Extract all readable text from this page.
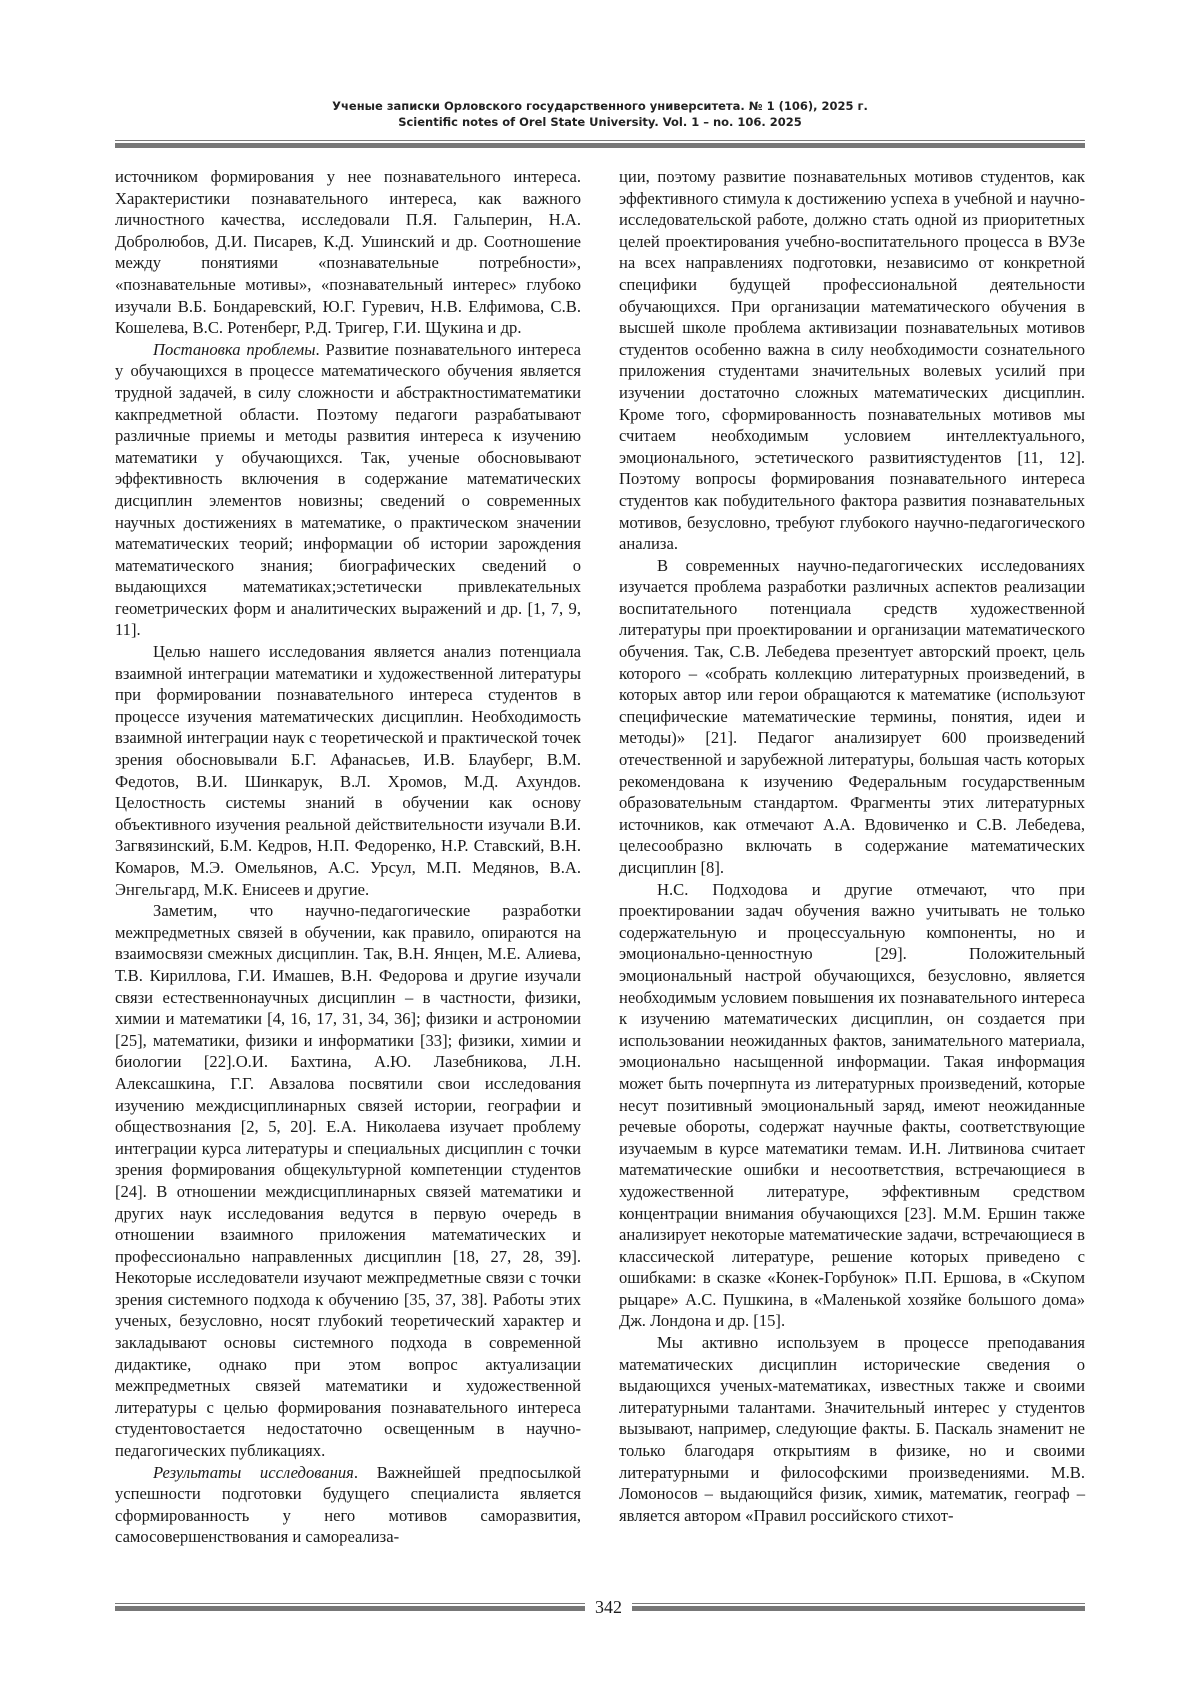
Ученые записки Орловского государственного университета. № 1 (106), 2025 г.
Scientific notes of Orel State University. Vol. 1 – no. 106. 2025

источником формирования у нее познавательного интереса. Характеристики познавательного интереса, как важного личностного качества, исследовали П.Я. Гальперин, Н.А. Добролюбов, Д.И. Писарев, К.Д. Ушинский и др. Соотношение между понятиями «познавательные потребности», «познавательные мотивы», «познавательный интерес» глубоко изучали В.Б. Бондаревский, Ю.Г. Гуревич, Н.В. Елфимова, С.В. Кошелева, В.С. Ротенберг, Р.Д. Тригер, Г.И. Щукина и др.

Постановка проблемы. Развитие познавательного интереса у обучающихся в процессе математического обучения является трудной задачей, в силу сложности и абстрактностиматематики какпредметной области. Поэтому педагоги разрабатывают различные приемы и методы развития интереса к изучению математики у обучающихся. Так, ученые обосновывают эффективность включения в содержание математических дисциплин элементов новизны; сведений о современных научных достижениях в математике, о практическом значении математических теорий; информации об истории зарождения математического знания; биографических сведений о выдающихся математиках;эстетически привлекательных геометрических форм и аналитических выражений и др. [1, 7, 9, 11].

Целью нашего исследования является анализ потенциала взаимной интеграции математики и художественной литературы при формировании познавательного интереса студентов в процессе изучения математических дисциплин. Необходимость взаимной интеграции наук с теоретической и практической точек зрения обосновывали Б.Г. Афанасьев, И.В. Блауберг, В.М. Федотов, В.И. Шинкарук, В.Л. Хромов, М.Д. Ахундов. Целостность системы знаний в обучении как основу объективного изучения реальной действительности изучали В.И. Загвязинский, Б.М. Кедров, Н.П. Федоренко, Н.Р. Ставский, В.Н. Комаров, М.Э. Омельянов, А.С. Урсул, М.П. Медянов, В.А. Энгельгард, М.К. Енисеев и другие.

Заметим, что научно-педагогические разработки межпредметных связей в обучении, как правило, опираются на взаимосвязи смежных дисциплин. Так, В.Н. Янцен, М.Е. Алиева, Т.В. Кириллова, Г.И. Имашев, В.Н. Федорова и другие изучали связи естественнонаучных дисциплин – в частности, физики, химии и математики [4, 16, 17, 31, 34, 36]; физики и астрономии [25], математики, физики и информатики [33]; физики, химии и биологии [22].О.И. Бахтина, А.Ю. Лазебникова, Л.Н. Алексашкина, Г.Г. Авзалова посвятили свои исследования изучению междисциплинарных связей истории, географии и обществознания [2, 5, 20]. Е.А. Николаева изучает проблему интеграции курса литературы и специальных дисциплин с точки зрения формирования общекультурной компетенции студентов [24]. В отношении междисциплинарных связей математики и других наук исследования ведутся в первую очередь в отношении взаимного приложения математических и профессионально направленных дисциплин [18, 27, 28, 39]. Некоторые исследователи изучают межпредметные связи с точки зрения системного подхода к обучению [35, 37, 38]. Работы этих ученых, безусловно, носят глубокий теоретический характер и закладывают основы системного подхода в современной дидактике, однако при этом вопрос актуализации межпредметных связей математики и художественной литературы с целью формирования познавательного интереса студентовостается недостаточно освещенным в научно-педагогических публикациях.

Результаты исследования. Важнейшей предпосылкой успешности подготовки будущего специалиста является сформированность у него мотивов саморазвития, самосовершенствования и самореализа-

ции, поэтому развитие познавательных мотивов студентов, как эффективного стимула к достижению успеха в учебной и научно-исследовательской работе, должно стать одной из приоритетных целей проектирования учебно-воспитательного процесса в ВУЗе на всех направлениях подготовки, независимо от конкретной специфики будущей профессиональной деятельности обучающихся. При организации математического обучения в высшей школе проблема активизации познавательных мотивов студентов особенно важна в силу необходимости сознательного приложения студентами значительных волевых усилий при изучении достаточно сложных математических дисциплин. Кроме того, сформированность познавательных мотивов мы считаем необходимым условием интеллектуального, эмоционального, эстетического развитиястудентов [11, 12]. Поэтому вопросы формирования познавательного интереса студентов как побудительного фактора развития познавательных мотивов, безусловно, требуют глубокого научно-педагогического анализа.

В современных научно-педагогических исследованиях изучается проблема разработки различных аспектов реализации воспитательного потенциала средств художественной литературы при проектировании и организации математического обучения. Так, С.В. Лебедева презентует авторский проект, цель которого – «собрать коллекцию литературных произведений, в которых автор или герои обращаются к математике (используют специфические математические термины, понятия, идеи и методы)» [21]. Педагог анализирует 600 произведений отечественной и зарубежной литературы, большая часть которых рекомендована к изучению Федеральным государственным образовательным стандартом. Фрагменты этих литературных источников, как отмечают А.А. Вдовиченко и С.В. Лебедева, целесообразно включать в содержание математических дисциплин [8].

Н.С. Подходова и другие отмечают, что при проектировании задач обучения важно учитывать не только содержательную и процессуальную компоненты, но и эмоционально-ценностную [29]. Положительный эмоциональный настрой обучающихся, безусловно, является необходимым условием повышения их познавательного интереса к изучению математических дисциплин, он создается при использовании неожиданных фактов, занимательного материала, эмоционально насыщенной информации. Такая информация может быть почерпнута из литературных произведений, которые несут позитивный эмоциональный заряд, имеют неожиданные речевые обороты, содержат научные факты, соответствующие изучаемым в курсе математики темам. И.Н. Литвинова считает математические ошибки и несоответствия, встречающиеся в художественной литературе, эффективным средством концентрации внимания обучающихся [23]. М.М. Ершин также анализирует некоторые математические задачи, встречающиеся в классической литературе, решение которых приведено с ошибками: в сказке «Конек-Горбунок» П.П. Ершова, в «Скупом рыцаре» А.С. Пушкина, в «Маленькой хозяйке большого дома» Дж. Лондона и др. [15].

Мы активно используем в процессе преподавания математических дисциплин исторические сведения о выдающихся ученых-математиках, известных также и своими литературными талантами. Значительный интерес у студентов вызывают, например, следующие факты. Б. Паскаль знаменит не только благодаря открытиям в физике, но и своими литературными и философскими произведениями. М.В. Ломоносов – выдающийся физик, химик, математик, географ – является автором «Правил российского стихот-

342
